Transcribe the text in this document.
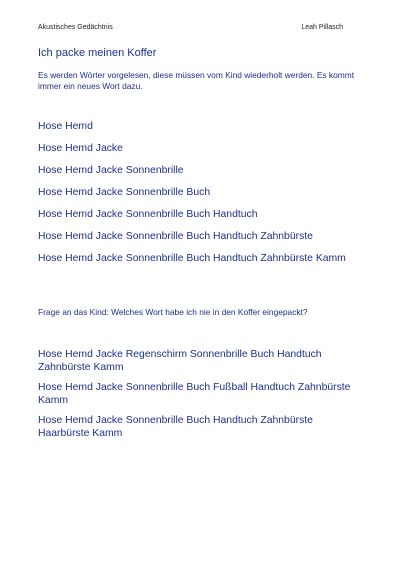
Akustisches Gedächtnis	Leah Pillasch
Ich packe meinen Koffer
Es werden Wörter vorgelesen, diese müssen vom Kind wiederholt werden. Es kommt immer ein neues Wort dazu.
Hose Hemd
Hose Hemd Jacke
Hose Hemd Jacke Sonnenbrille
Hose Hemd Jacke Sonnenbrille Buch
Hose Hemd Jacke Sonnenbrille Buch Handtuch
Hose Hemd Jacke Sonnenbrille Buch Handtuch Zahnbürste
Hose Hemd Jacke Sonnenbrille Buch Handtuch Zahnbürste Kamm
Frage an das Kind: Welches Wort habe ich nie in den Koffer eingepackt?
Hose Hemd Jacke Regenschirm Sonnenbrille Buch Handtuch Zahnbürste Kamm
Hose Hemd Jacke Sonnenbrille Buch Fußball Handtuch Zahnbürste Kamm
Hose Hemd Jacke Sonnenbrille Buch Handtuch Zahnbürste Haarbürste Kamm
